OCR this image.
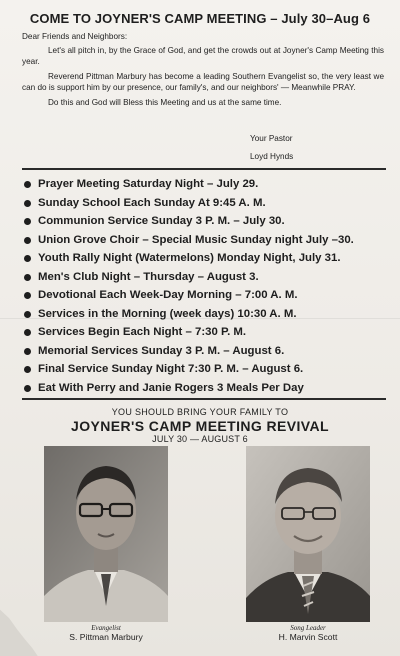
COME TO JOYNER'S CAMP MEETING – July 30–Aug 6

Dear Friends and Neighbors:

Let's all pitch in, by the Grace of God, and get the crowds out at Joyner's Camp Meeting this year.

Reverend Pittman Marbury has become a leading Southern Evangelist so, the very least we can do is support him by our presence, our family's, and our neighbors' — Meanwhile PRAY.

Do this and God will Bless this Meeting and us at the same time.

Your Pastor
Loyd Hynds
Prayer Meeting Saturday Night – July 29.
Sunday School Each Sunday At 9:45 A. M.
Communion Service Sunday 3 P. M. – July 30.
Union Grove Choir – Special Music Sunday night July –30.
Youth Rally Night (Watermelons) Monday Night, July 31.
Men's Club Night – Thursday – August 3.
Devotional Each Week-Day Morning – 7:00 A. M.
Services in the Morning (week days) 10:30 A. M.
Services Begin Each Night – 7:30 P. M.
Memorial Services Sunday 3 P. M. – August 6.
Final Service Sunday Night 7:30 P. M. – August 6.
Eat With Perry and Janie Rogers 3 Meals Per Day
YOU SHOULD BRING YOUR FAMILY TO
JOYNER'S CAMP MEETING REVIVAL
JULY 30 — AUGUST 6
Evangelist
S. Pittman Marbury
Song Leader
H. Marvin Scott
